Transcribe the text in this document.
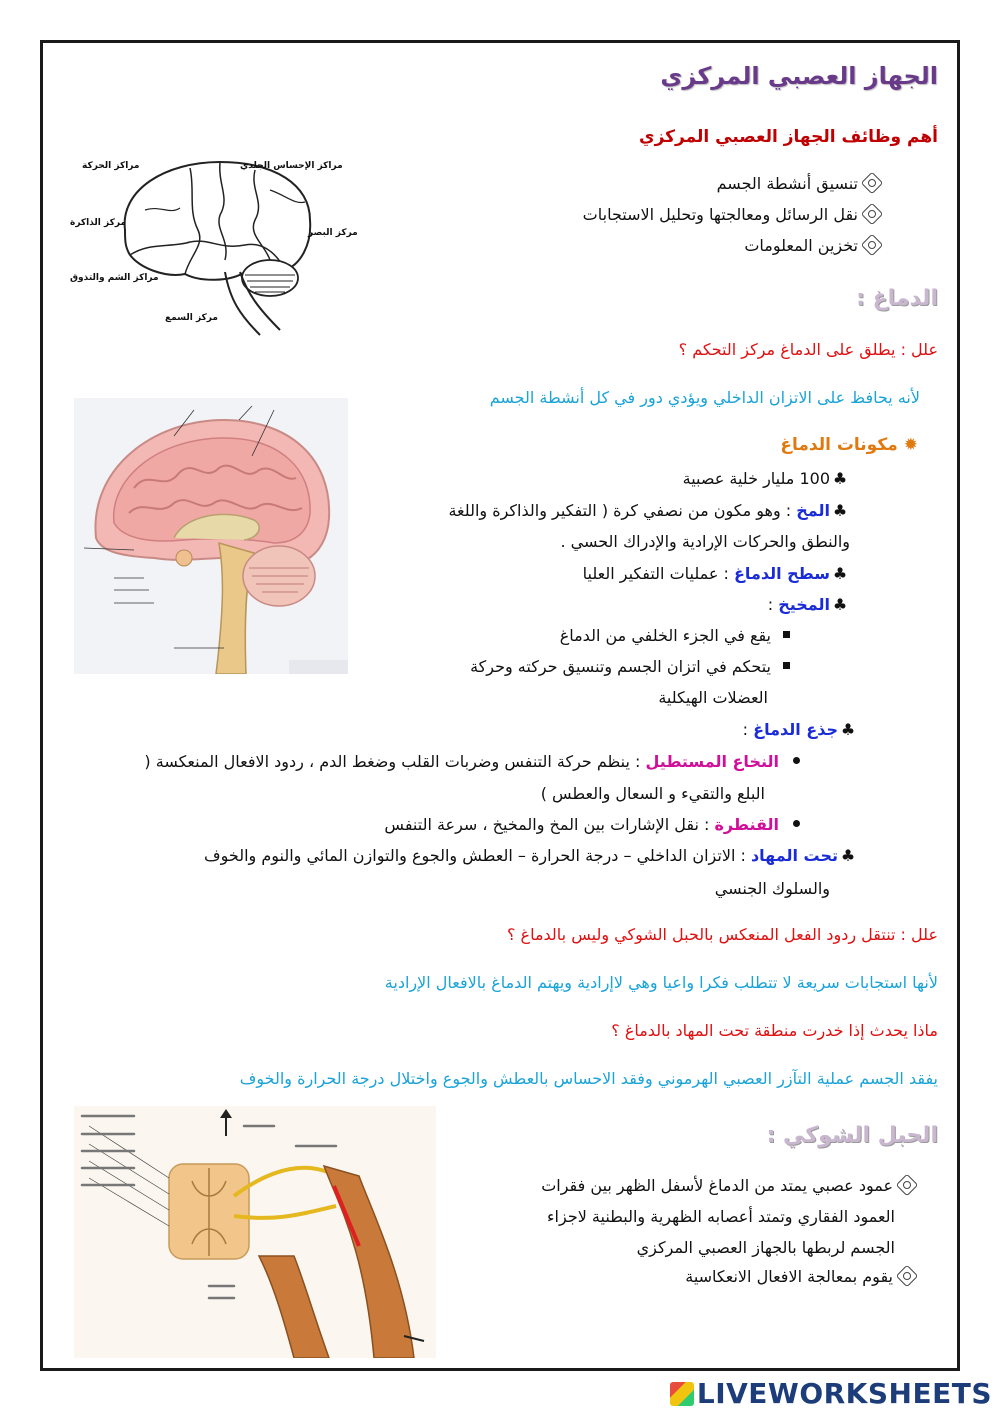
الجهاز العصبي المركزي
أهم وظائف الجهاز العصبي المركزي
تنسيق أنشطة الجسم
نقل الرسائل ومعالجتها وتحليل الاستجابات
تخزين المعلومات
مراكز الحركة	مراكز الإحساس الجلدي
مركز الذاكرة
مركز البصر
مراكز الشم والتذوق
مركز السمع
الدماغ :
علل : يطلق على الدماغ مركز التحكم ؟
لأنه يحافظ على الاتزان الداخلي ويؤدي دور في كل أنشطة الجسم
✹مكونات الدماغ
♣100 مليار خلية عصبية
♣المخ : وهو مكون من نصفي كرة ( التفكير والذاكرة واللغة
والنطق والحركات الإرادية والإدراك الحسي .
♣سطح الدماغ : عمليات التفكير العليا
♣المخيخ :
يقع في الجزء الخلفي من الدماغ
يتحكم في اتزان الجسم وتنسيق حركته وحركة
العضلات الهيكلية
♣جذع الدماغ :
النخاع المستطيل : ينظم حركة التنفس وضربات القلب وضغط الدم ، ردود الافعال المنعكسة (
البلع والتقيء و السعال والعطس )
القنطرة : نقل الإشارات بين المخ والمخيخ ، سرعة التنفس
♣تحت المهاد : الاتزان الداخلي – درجة الحرارة – العطش والجوع والتوازن المائي والنوم والخوف
والسلوك الجنسي
علل : تنتقل ردود الفعل المنعكس بالحبل الشوكي وليس بالدماغ ؟
لأنها استجابات سريعة لا تتطلب فكرا واعيا وهي لاإرادية ويهتم الدماغ بالافعال الإرادية
ماذا يحدث إذا خدرت منطقة تحت المهاد بالدماغ ؟
يفقد الجسم عملية التآزر العصبي الهرموني وفقد الاحساس بالعطش والجوع واختلال درجة الحرارة والخوف
الحبل الشوكي :
عمود عصبي يمتد من الدماغ لأسفل الظهر بين فقرات
العمود الفقاري وتمتد أعصابه الظهرية والبطنية لاجزاء
الجسم لربطها بالجهاز العصبي المركزي
يقوم بمعالجة الافعال الانعكاسية
LIVEWORKSHEETS
